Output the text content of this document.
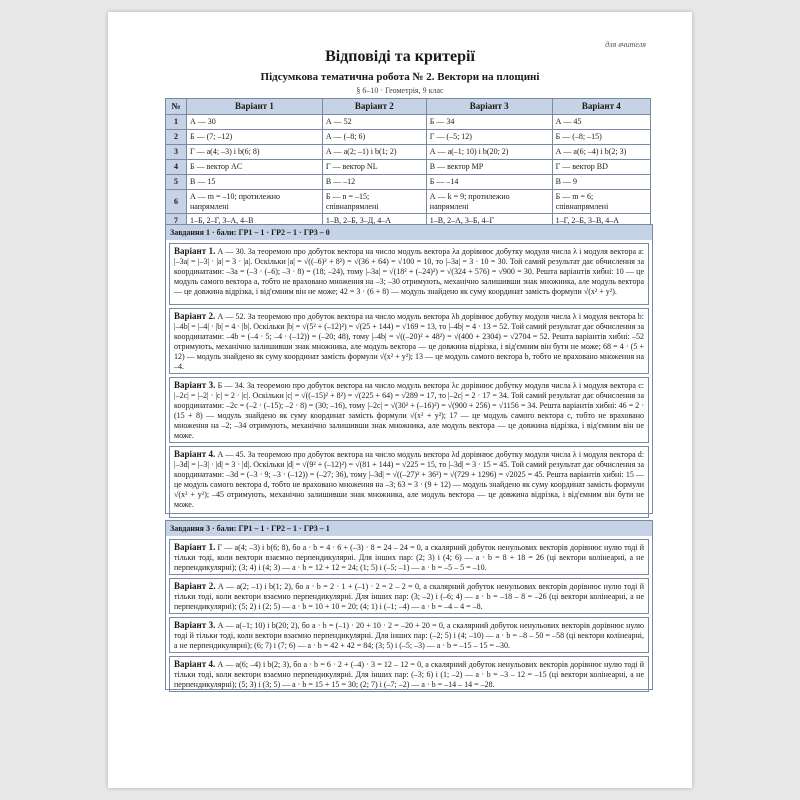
для вчителя
Відповіді та критерії
Підсумкова тематична робота № 2. Вектори на площині
§ 6–10 · Геометрія, 9 клас
№	Варіант 1	Варіант 2	Варіант 3	Варіант 4
1	А — 30	А — 52	Б — 34	А — 45
2	Б — (7; –12)	А — (–8; 6)	Г — (–5; 12)	Б — (–8; –15)
3	Г — a(4; –3) і b(6; 8)	А — a(2; –1) і b(1; 2)	А — a(–1; 10) і b(20; 2)	А — a(6; –4) і b(2; 3)
4	Б — вектор AC	Г — вектор NL	В — вектор MP	Г — вектор BD
5	В — 15	В — –12	Б — –14	В — 9
6	А — m = –10; протилежно напрямлені	Б — n = –15; співнапрямлені	А — k = 9; протилежно напрямлені	Б — m = 6; співнапрямлені
7	1–Б, 2–Г, 3–А, 4–В	1–В, 2–Б, 3–Д, 4–А	1–В, 2–А, 3–Б, 4–Г	1–Г, 2–Б, 3–В, 4–А
Завдання 1 · бали: ГР1 – 1 · ГР2 – 1 · ГР3 – 0
Варіант 1. А — 30. За теоремою про добуток вектора на число модуль вектора λa дорівнює добутку модуля числа λ і модуля вектора a: |–3a| = |–3| · |a| = 3 · |a|. Оскільки |a| = √((–6)² + 8²) = √(36 + 64) = √100 = 10, то |–3a| = 3 · 10 = 30. Той самий результат дає обчислення за координатами: –3a = (–3 · (–6); –3 · 8) = (18; –24), тому |–3a| = √(18² + (–24)²) = √(324 + 576) = √900 = 30. Решта варіантів хибні: 10 — це модуль самого вектора a, тобто не враховано множення на –3; –30 отримують, механічно залишивши знак множника, але модуль вектора — це довжина відрізка, і від'ємним він не може; 42 = 3 · (6 + 8) — модуль знайдено як суму координат замість формули √(x² + y²).
Варіант 2. А — 52. За теоремою про добуток вектора на число модуль вектора λb дорівнює добутку модуля числа λ і модуля вектора b: |–4b| = |–4| · |b| = 4 · |b|. Оскільки |b| = √(5² + (–12)²) = √(25 + 144) = √169 = 13, то |–4b| = 4 · 13 = 52. Той самий результат дає обчислення за координатами: –4b = (–4 · 5; –4 · (–12)) = (–20; 48), тому |–4b| = √((–20)² + 48²) = √(400 + 2304) = √2704 = 52. Решта варіантів хибні: –52 отримують, механічно залишивши знак множника, але модуль вектора — це довжина відрізка, і від'ємним він бути не може; 68 = 4 · (5 + 12) — модуль знайдено як суму координат замість формули √(x² + y²); 13 — це модуль самого вектора b, тобто не враховано множення на –4.
Варіант 3. Б — 34. За теоремою про добуток вектора на число модуль вектора λc дорівнює добутку модуля числа λ і модуля вектора c: |–2c| = |–2| · |c| = 2 · |c|. Оскільки |c| = √((–15)² + 8²) = √(225 + 64) = √289 = 17, то |–2c| = 2 · 17 = 34. Той самий результат дає обчислення за координатами: –2c = (–2 · (–15); –2 · 8) = (30; –16), тому |–2c| = √(30² + (–16)²) = √(900 + 256) = √1156 = 34. Решта варіантів хибні: 46 = 2 · (15 + 8) — модуль знайдено як суму координат замість формули √(x² + y²); 17 — це модуль самого вектора c, тобто не враховано множення на –2; –34 отримують, механічно залишивши знак множника, але модуль вектора — це довжина відрізка, і від'ємним він не може.
Варіант 4. А — 45. За теоремою про добуток вектора на число модуль вектора λd дорівнює добутку модуля числа λ і модуля вектора d: |–3d| = |–3| · |d| = 3 · |d|. Оскільки |d| = √(9² + (–12)²) = √(81 + 144) = √225 = 15, то |–3d| = 3 · 15 = 45. Той самий результат дає обчислення за координатами: –3d = (–3 · 9; –3 · (–12)) = (–27; 36), тому |–3d| = √((–27)² + 36²) = √(729 + 1296) = √2025 = 45. Решта варіантів хибні: 15 — це модуль самого вектора d, тобто не враховано множення на –3; 63 = 3 · (9 + 12) — модуль знайдено як суму координат замість формули √(x² + y²); –45 отримують, механічно залишивши знак множника, але модуль вектора — це довжина відрізка, і від'ємним він бути не може.
Завдання 3 · бали: ГР1 – 1 · ГР2 – 1 · ГР3 – 1
Варіант 1. Г — a(4; –3) і b(6; 8), бо a · b = 4 · 6 + (–3) · 8 = 24 – 24 = 0, а скалярний добуток ненульових векторів дорівнює нулю тоді й тільки тоді, коли вектори взаємно перпендикулярні. Для інших пар: (2; 3) і (4; 6) — a · b = 8 + 18 = 26 (ці вектори колінеарні, а не перпендикулярні); (3; 4) і (4; 3) — a · b = 12 + 12 = 24; (1; 5) і (–5; –1) — a · b = –5 – 5 = –10.
Варіант 2. А — a(2; –1) і b(1; 2), бо a · b = 2 · 1 + (–1) · 2 = 2 – 2 = 0, а скалярний добуток ненульових векторів дорівнює нулю тоді й тільки тоді, коли вектори взаємно перпендикулярні. Для інших пар: (3; –2) і (–6; 4) — a · b = –18 – 8 = –26 (ці вектори колінеарні, а не перпендикулярні); (5; 2) і (2; 5) — a · b = 10 + 10 = 20; (4; 1) і (–1; –4) — a · b = –4 – 4 = –8.
Варіант 3. А — a(–1; 10) і b(20; 2), бо a · b = (–1) · 20 + 10 · 2 = –20 + 20 = 0, а скалярний добуток ненульових векторів дорівнює нулю тоді й тільки тоді, коли вектори взаємно перпендикулярні. Для інших пар: (–2; 5) і (4; –10) — a · b = –8 – 50 = –58 (ці вектори колінеарні, а не перпендикулярні); (6; 7) і (7; 6) — a · b = 42 + 42 = 84; (3; 5) і (–5; –3) — a · b = –15 – 15 = –30.
Варіант 4. А — a(6; –4) і b(2; 3), бо a · b = 6 · 2 + (–4) · 3 = 12 – 12 = 0, а скалярний добуток ненульових векторів дорівнює нулю тоді й тільки тоді, коли вектори взаємно перпендикулярні. Для інших пар: (–3; 6) і (1; –2) — a · b = –3 – 12 = –15 (ці вектори колінеарні, а не перпендикулярні); (5; 3) і (3; 5) — a · b = 15 + 15 = 30; (2; 7) і (–7; –2) — a · b = –14 – 14 = –28.
